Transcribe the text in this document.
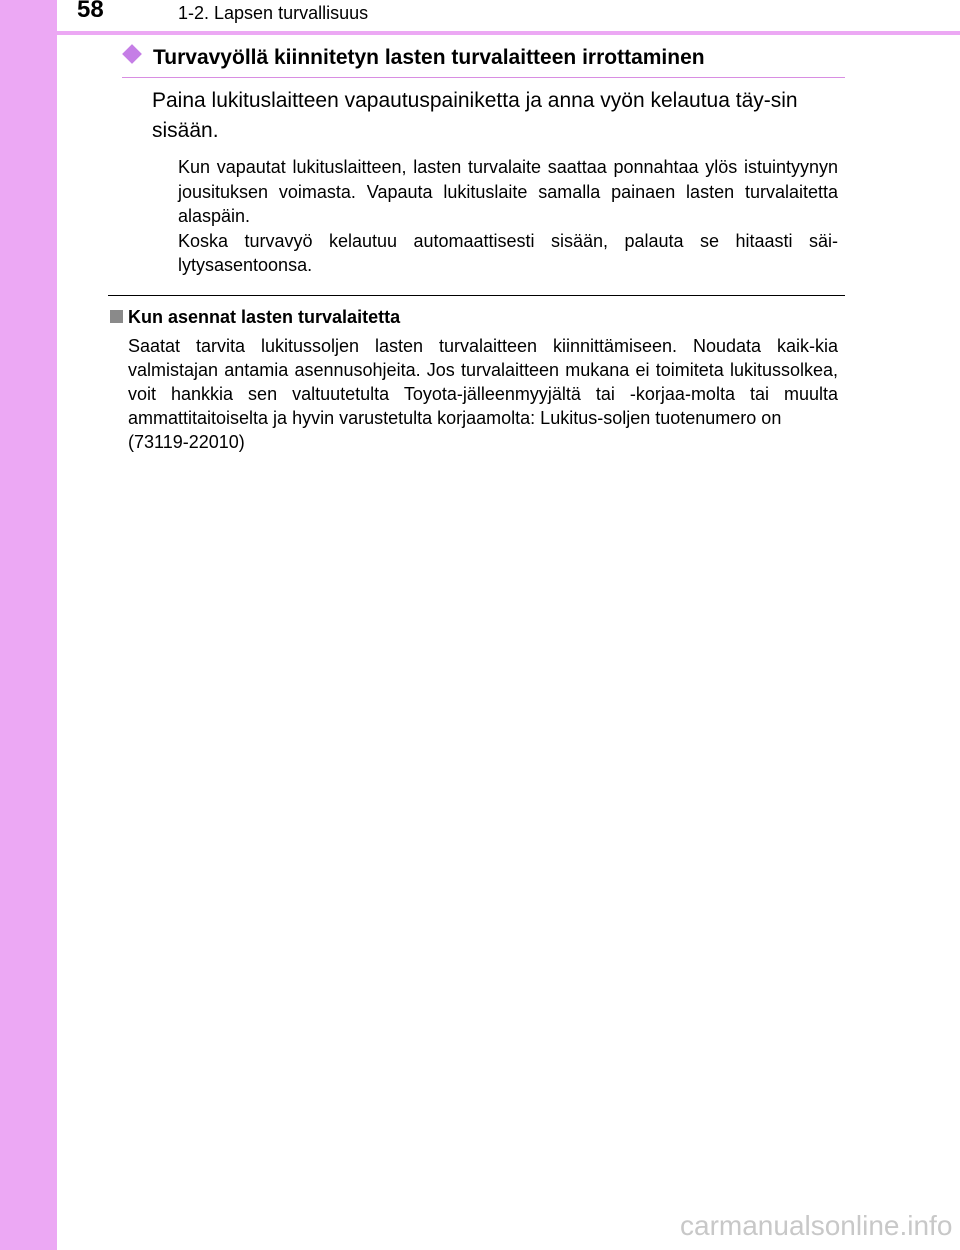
58	1-2. Lapsen turvallisuus
Turvavyöllä kiinnitetyn lasten turvalaitteen irrottaminen

Paina lukituslaitteen vapautuspainiketta ja anna vyön kelautua täy-sin sisään.

Kun vapautat lukituslaitteen, lasten turvalaite saattaa ponnahtaa ylös istuintyynyn jousituksen voimasta. Vapauta lukituslaite samalla painaen lasten turvalaitetta alaspäin.
Koska turvavyö kelautuu automaattisesti sisään, palauta se hitaasti säi-lytysasentoonsa.
Kun asennat lasten turvalaitetta
Saatat tarvita lukitussoljen lasten turvalaitteen kiinnittämiseen. Noudata kaik-kia valmistajan antamia asennusohjeita. Jos turvalaitteen mukana ei toimiteta lukitussolkea, voit hankkia sen valtuutetulta Toyota-jälleenmyyjältä tai -korjaa-molta tai muulta ammattitaitoiselta ja hyvin varustetulta korjaamolta: Lukitus-soljen tuotenumero on
(73119-22010)
carmanualsonline.info
